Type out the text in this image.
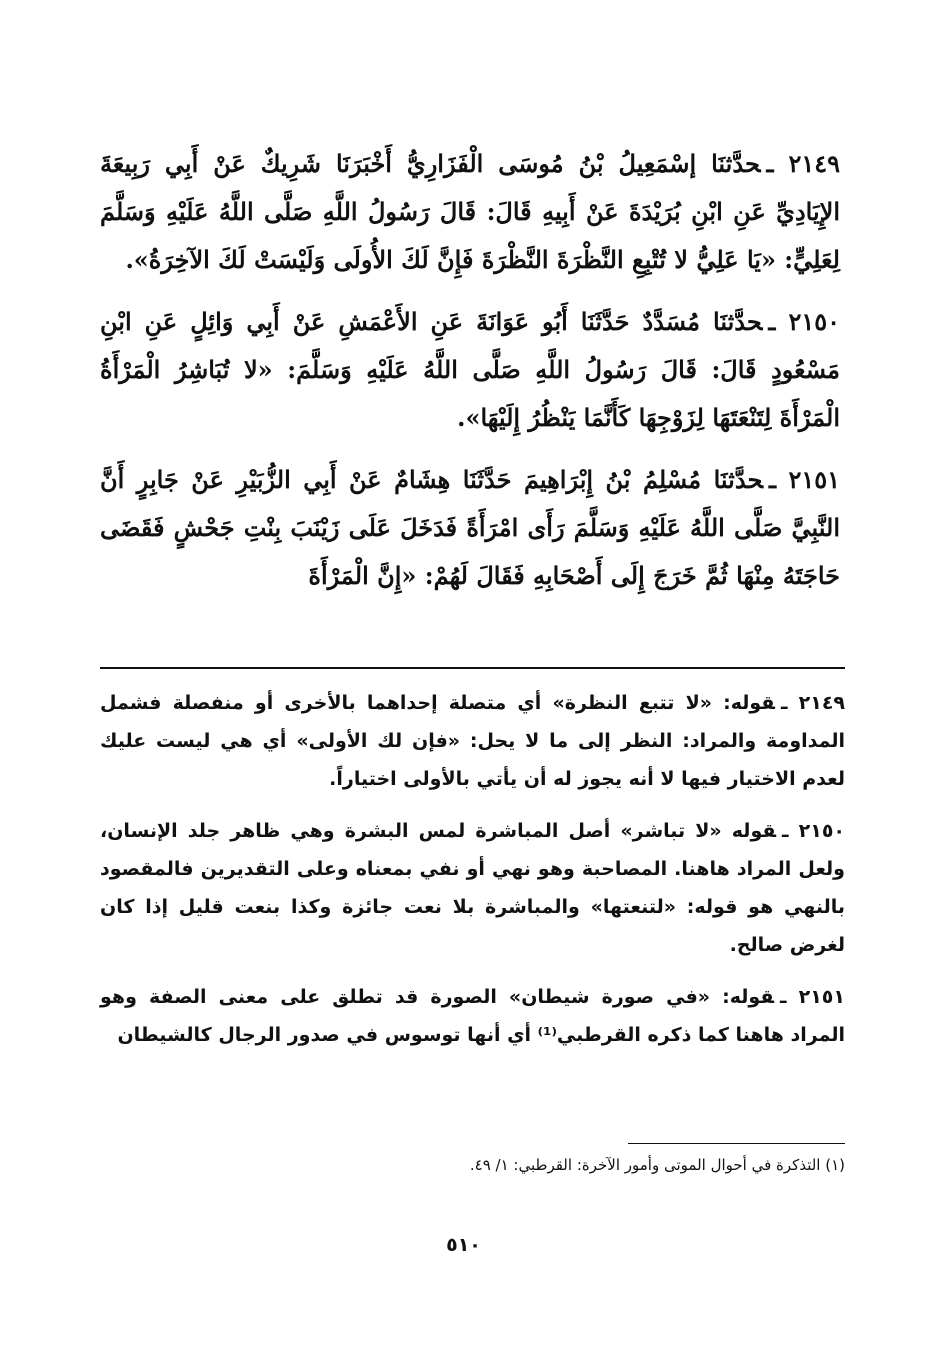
٢١٤٩ ـحدَّثنَا إسْمَعِيلُ بْنُ مُوسَى الْفَزَارِيُّ أَخْبَرَنَا شَرِيكٌ عَنْ أَبِي رَبِيعَةَ الإِيَادِيِّ عَنِ ابْنِ بُرَيْدَةَ عَنْ أَبِيهِ قَالَ: قَالَ رَسُولُ اللَّهِ صَلَّى اللَّهُ عَلَيْهِ وَسَلَّمَ لِعَلِيٍّ: «يَا عَلِيُّ لا تُتْبِعِ النَّظْرَةَ النَّظْرَةَ فَإِنَّ لَكَ الأُولَى وَلَيْسَتْ لَكَ الآخِرَةُ».

٢١٥٠ ـحدَّثنَا مُسَدَّدٌ حَدَّثَنَا أَبُو عَوَانَةَ عَنِ الأَعْمَشِ عَنْ أَبِي وَائِلٍ عَنِ ابْنِ مَسْعُودٍ قَالَ: قَالَ رَسُولُ اللَّهِ صَلَّى اللَّهُ عَلَيْهِ وَسَلَّمَ: «لا تُبَاشِرُ الْمَرْأَةُ الْمَرْأَةَ لِتَنْعَتَهَا لِزَوْجِهَا كَأَنَّمَا يَنْظُرُ إِلَيْهَا».

٢١٥١ ـحدَّثنَا مُسْلِمُ بْنُ إِبْرَاهِيمَ حَدَّثَنَا هِشَامٌ عَنْ أَبِي الزُّبَيْرِ عَنْ جَابِرٍ أَنَّ النَّبِيَّ صَلَّى اللَّهُ عَلَيْهِ وَسَلَّمَ رَأَى امْرَأَةً فَدَخَلَ عَلَى زَيْنَبَ بِنْتِ جَحْشٍ فَقَضَى حَاجَتَهُ مِنْهَا ثُمَّ خَرَجَ إِلَى أَصْحَابِهِ فَقَالَ لَهُمْ: «إِنَّ الْمَرْأَةَ

٢١٤٩ ـقوله: «لا تتبع النظرة» أي متصلة إحداهما بالأخرى أو منفصلة فشمل المداومة والمراد: النظر إلى ما لا يحل: «فإن لك الأولى» أي هي ليست عليك لعدم الاختيار فيها لا أنه يجوز له أن يأتي بالأولى اختياراً.

٢١٥٠ ـقوله «لا تباشر» أصل المباشرة لمس البشرة وهي ظاهر جلد الإنسان، ولعل المراد هاهنا. المصاحبة وهو نهي أو نفي بمعناه وعلى التقديرين فالمقصود بالنهي هو قوله: «لتنعتها» والمباشرة بلا نعت جائزة وكذا بنعت قليل إذا كان لغرض صالح.

٢١٥١ ـقوله: «في صورة شيطان» الصورة قد تطلق على معنى الصفة وهو المراد هاهنا كما ذكره القرطبي⁽¹⁾ أي أنها توسوس في صدور الرجال كالشيطان

(١) التذكرة في أحوال الموتى وأمور الآخرة: القرطبي: ١/ ٤٩.
٥١٠
